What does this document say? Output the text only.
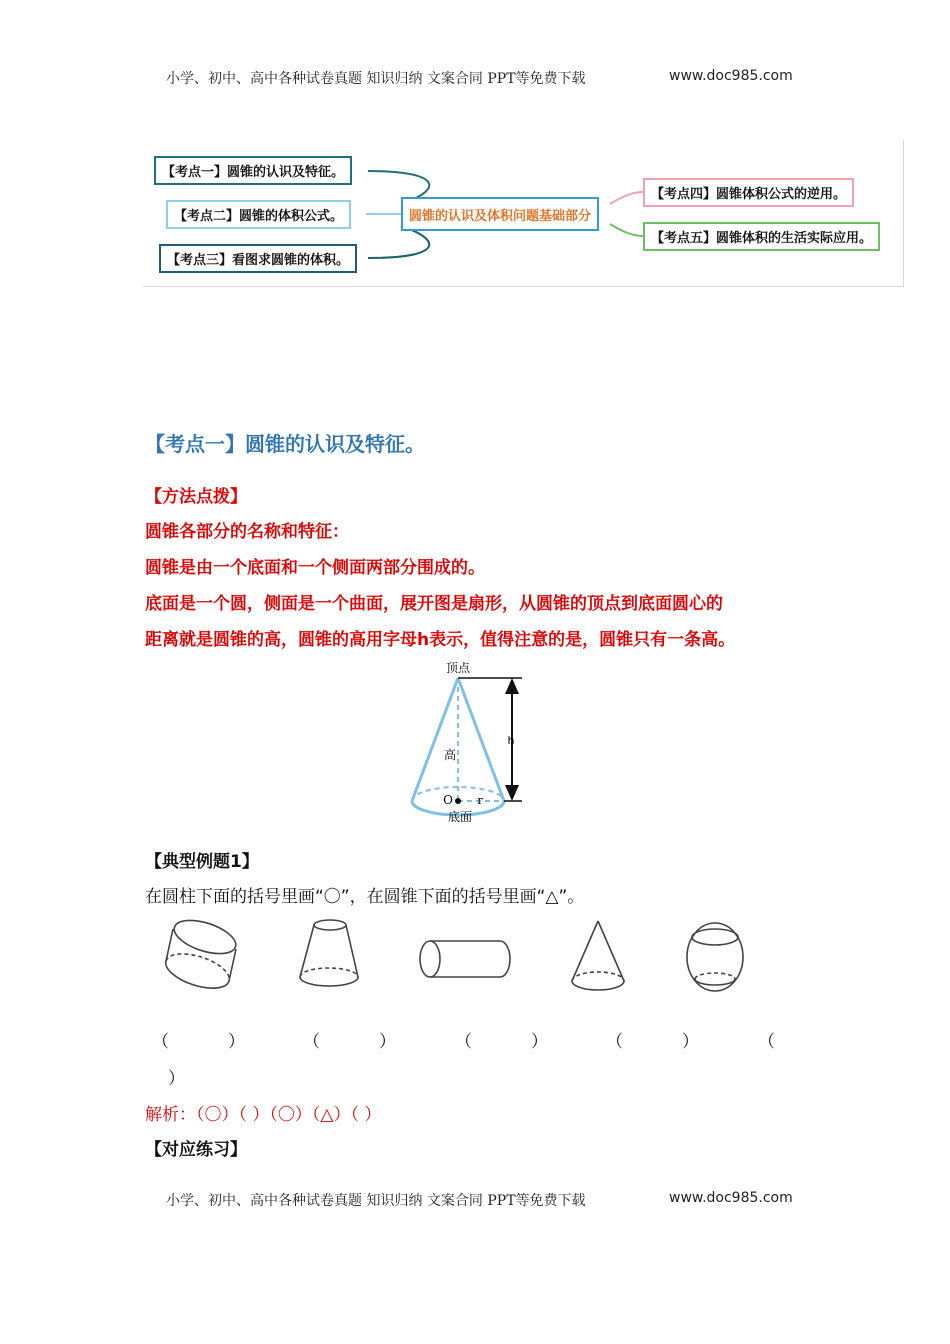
小学、初中、高中各种试卷真题 知识归纳 文案合同 PPT等免费下载	www.doc985.com
【考点一】圆锥的认识及特征。
【考点二】圆锥的体积公式。
【考点三】看图求圆锥的体积。
圆锥的认识及体积问题基础部分
【考点四】圆锥体积公式的逆用。
【考点五】圆锥体积的生活实际应用。
【考点一】圆锥的认识及特征。
【方法点拨】
圆锥各部分的名称和特征：
圆锥是由一个底面和一个侧面两部分围成的。
底面是一个圆，侧面是一个曲面，展开图是扇形，从圆锥的顶点到底面圆心的
距离就是圆锥的高，圆锥的高用字母h表示，值得注意的是，圆锥只有一条高。
顶点
高
h
O r
底面
【典型例题1】
在圆柱下面的括号里画“〇”，在圆锥下面的括号里画“△”。
（	）	（	）	（	）	（	）	（
）
解析：（〇）（ ）（〇）（△）（ ）
【对应练习】
小学、初中、高中各种试卷真题 知识归纳 文案合同 PPT等免费下载	www.doc985.com
